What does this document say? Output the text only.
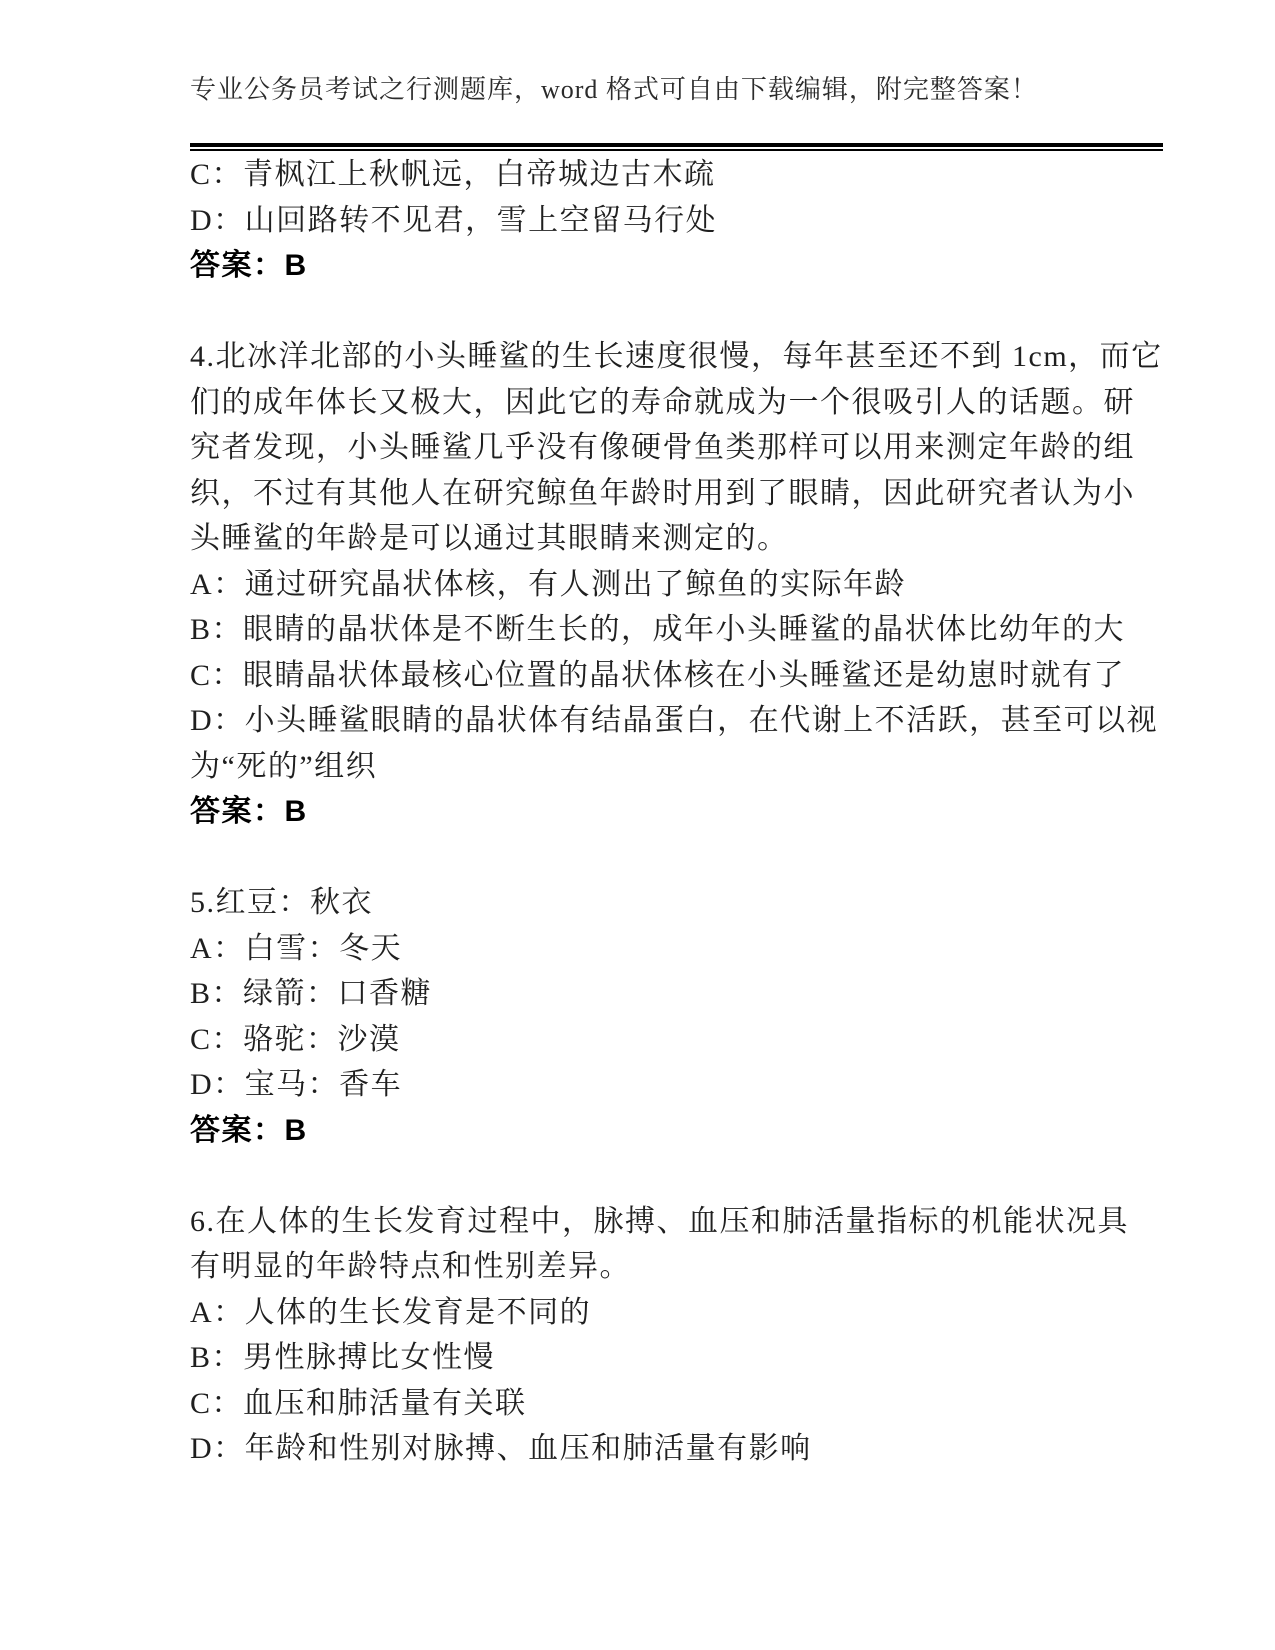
专业公务员考试之行测题库，word 格式可自由下载编辑，附完整答案！
C：青枫江上秋帆远，白帝城边古木疏
D：山回路转不见君，雪上空留马行处
答案：B
4.北冰洋北部的小头睡鲨的生长速度很慢，每年甚至还不到 1cm，而它
们的成年体长又极大，因此它的寿命就成为一个很吸引人的话题。研
究者发现，小头睡鲨几乎没有像硬骨鱼类那样可以用来测定年龄的组
织，不过有其他人在研究鲸鱼年龄时用到了眼睛，因此研究者认为小
头睡鲨的年龄是可以通过其眼睛来测定的。
A：通过研究晶状体核，有人测出了鲸鱼的实际年龄
B：眼睛的晶状体是不断生长的，成年小头睡鲨的晶状体比幼年的大
C：眼睛晶状体最核心位置的晶状体核在小头睡鲨还是幼崽时就有了
D：小头睡鲨眼睛的晶状体有结晶蛋白，在代谢上不活跃，甚至可以视
为“死的”组织
答案：B
5.红豆：秋衣
A：白雪：冬天
B：绿箭：口香糖
C：骆驼：沙漠
D：宝马：香车
答案：B
6.在人体的生长发育过程中，脉搏、血压和肺活量指标的机能状况具
有明显的年龄特点和性别差异。
A：人体的生长发育是不同的
B：男性脉搏比女性慢
C：血压和肺活量有关联
D：年龄和性别对脉搏、血压和肺活量有影响
